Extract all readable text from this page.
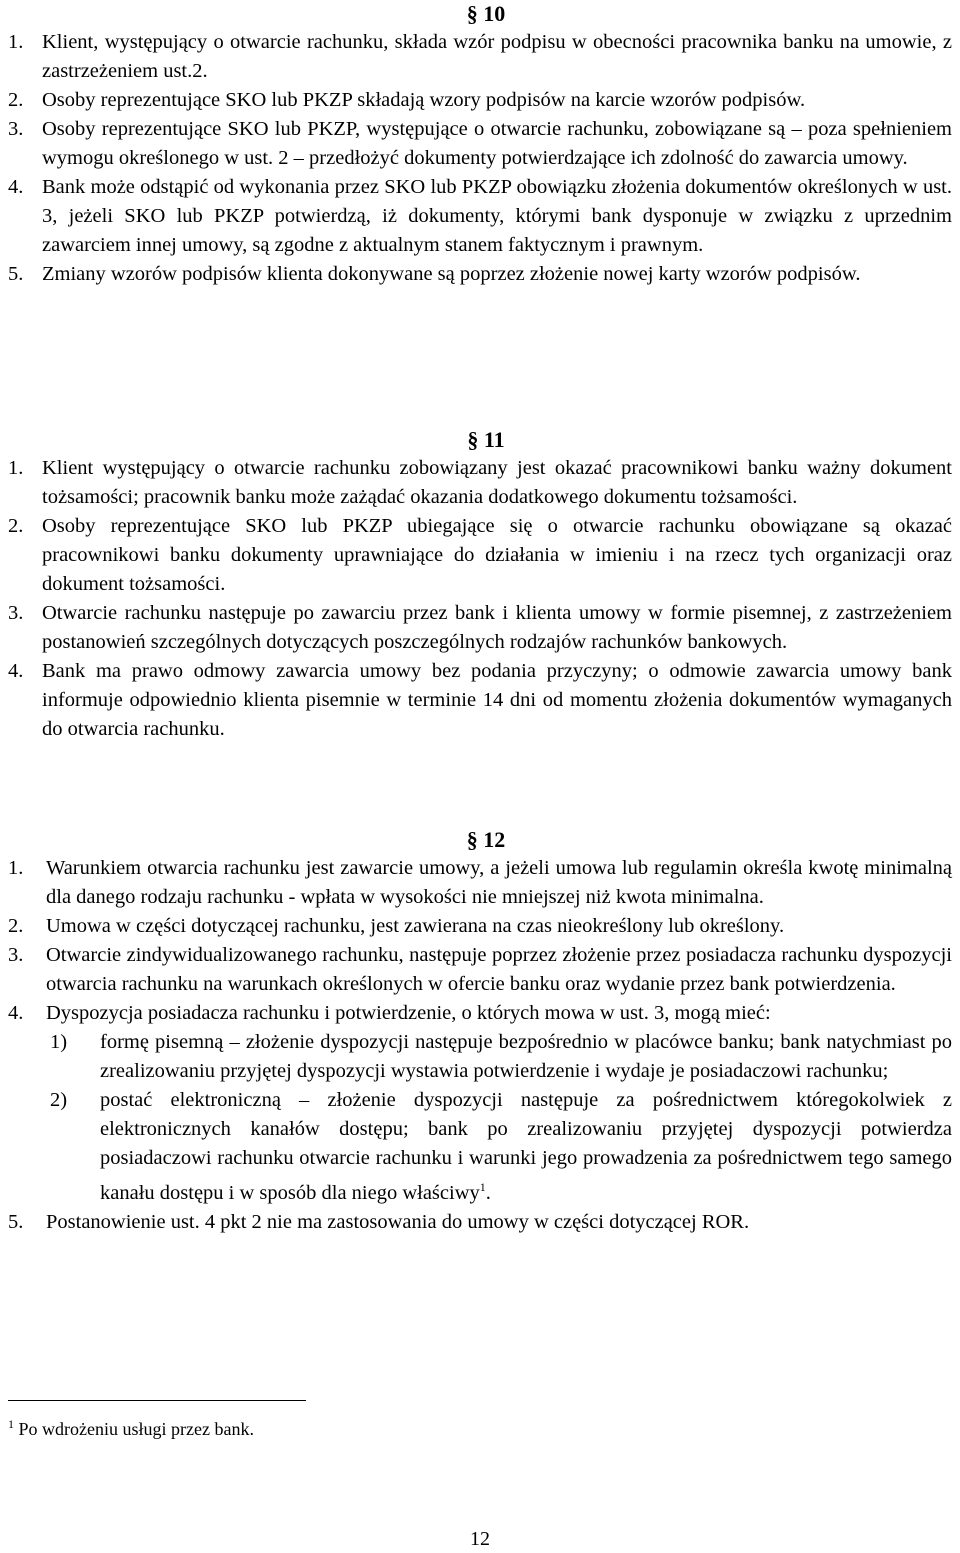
§ 10
1. Klient, występujący o otwarcie rachunku, składa wzór podpisu w obecności pracownika banku na umowie, z zastrzeżeniem ust.2.
2. Osoby reprezentujące SKO lub PKZP składają wzory podpisów na karcie wzorów podpisów.
3. Osoby reprezentujące SKO lub PKZP, występujące o otwarcie rachunku, zobowiązane są – poza spełnieniem wymogu określonego w ust. 2 – przedłożyć dokumenty potwierdzające ich zdolność do zawarcia umowy.
4. Bank może odstąpić od wykonania przez SKO lub PKZP obowiązku złożenia dokumentów określonych w ust. 3, jeżeli SKO lub PKZP potwierdzą, iż dokumenty, którymi bank dysponuje w związku z uprzednim zawarciem innej umowy, są zgodne z aktualnym stanem faktycznym i prawnym.
5. Zmiany wzorów podpisów klienta dokonywane są poprzez złożenie nowej karty wzorów podpisów.
§ 11
1. Klient występujący o otwarcie rachunku zobowiązany jest okazać pracownikowi banku ważny dokument tożsamości; pracownik banku może zażądać okazania dodatkowego dokumentu tożsamości.
2. Osoby reprezentujące SKO lub PKZP ubiegające się o otwarcie rachunku obowiązane są okazać pracownikowi banku dokumenty uprawniające do działania w imieniu i na rzecz tych organizacji oraz dokument tożsamości.
3. Otwarcie rachunku następuje po zawarciu przez bank i klienta umowy w formie pisemnej, z zastrzeżeniem postanowień szczególnych dotyczących poszczególnych rodzajów rachunków bankowych.
4. Bank ma prawo odmowy zawarcia umowy bez podania przyczyny; o odmowie zawarcia umowy bank informuje odpowiednio klienta pisemnie w terminie 14 dni od momentu złożenia dokumentów wymaganych do otwarcia rachunku.
§ 12
1. Warunkiem otwarcia rachunku jest zawarcie umowy, a jeżeli umowa lub regulamin określa kwotę minimalną dla danego rodzaju rachunku - wpłata w wysokości nie mniejszej niż kwota minimalna.
2. Umowa w części dotyczącej rachunku, jest zawierana na czas nieokreślony lub określony.
3. Otwarcie zindywidualizowanego rachunku, następuje poprzez złożenie przez posiadacza rachunku dyspozycji otwarcia rachunku na warunkach określonych w ofercie banku oraz wydanie przez bank potwierdzenia.
4. Dyspozycja posiadacza rachunku i potwierdzenie, o których mowa w ust. 3, mogą mieć:
1) formę pisemną – złożenie dyspozycji następuje bezpośrednio w placówce banku; bank natychmiast po zrealizowaniu przyjętej dyspozycji wystawia potwierdzenie i wydaje je posiadaczowi rachunku;
2) postać elektroniczną – złożenie dyspozycji następuje za pośrednictwem któregokolwiek z elektronicznych kanałów dostępu; bank po zrealizowaniu przyjętej dyspozycji potwierdza posiadaczowi rachunku otwarcie rachunku i warunki jego prowadzenia za pośrednictwem tego samego kanału dostępu i w sposób dla niego właściwy$^1$.
5. Postanowienie ust. 4 pkt 2 nie ma zastosowania do umowy w części dotyczącej ROR.
$^1$ Po wdrożeniu usługi przez bank.
12
